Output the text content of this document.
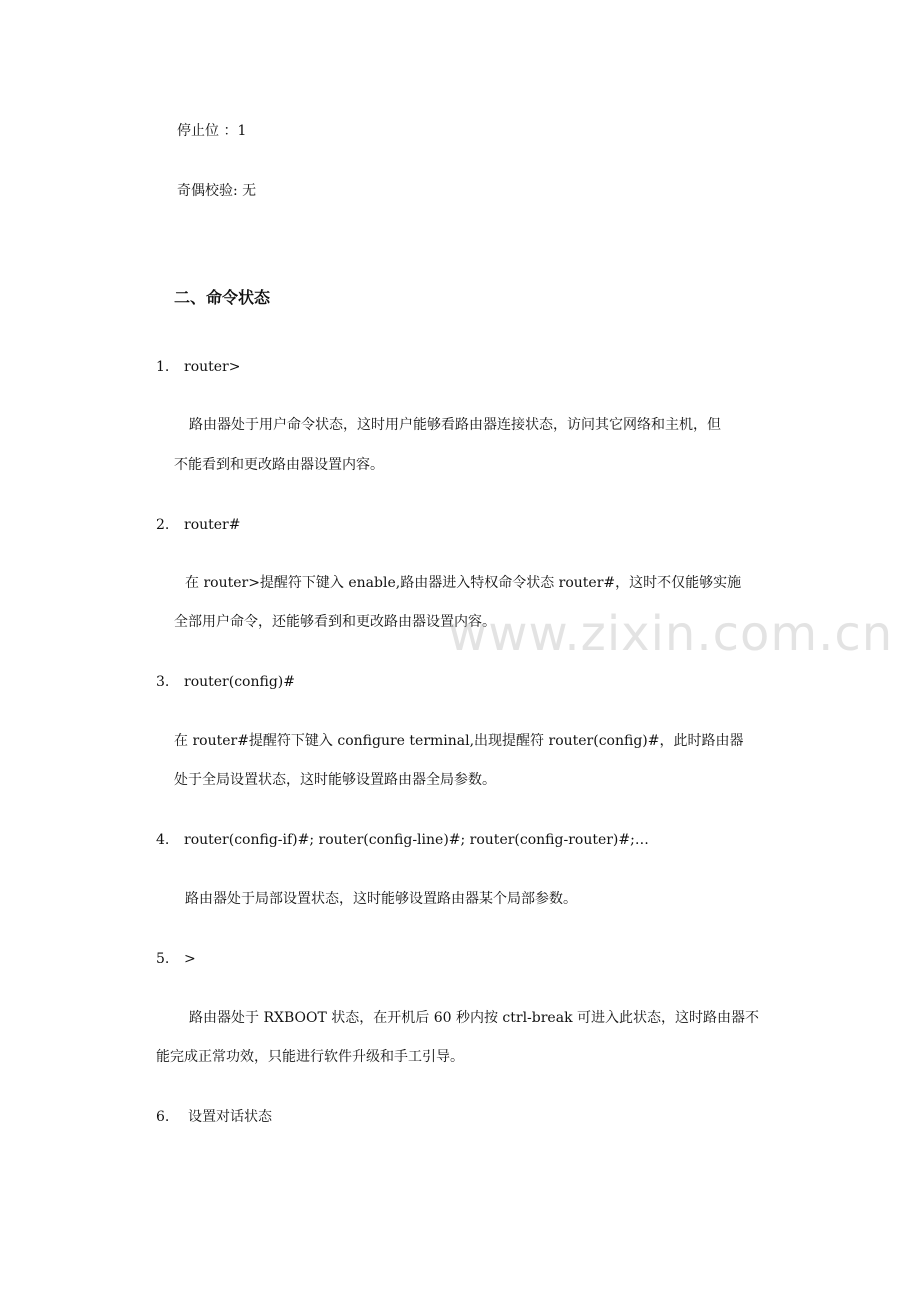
停止位 ：1
奇偶校验: 无
二、命令状态
1. router>
路由器处于用户命令状态，这时用户能够看路由器连接状态，访问其它网络和主机，但
不能看到和更改路由器设置内容。
2. router#
在 router>提醒符下键入 enable,路由器进入特权命令状态 router#，这时不仅能够实施
全部用户命令，还能够看到和更改路由器设置内容。
3. router(config)#
在 router#提醒符下键入 configure terminal,出现提醒符 router(config)#，此时路由器
处于全局设置状态，这时能够设置路由器全局参数。
4. router(config-if)#; router(config-line)#; router(config-router)#;…
路由器处于局部设置状态，这时能够设置路由器某个局部参数。
5. >
路由器处于 RXBOOT 状态，在开机后 60 秒内按 ctrl-break 可进入此状态，这时路由器不
能完成正常功效，只能进行软件升级和手工引导。
6. 设置对话状态
www.zixin.com.cn
